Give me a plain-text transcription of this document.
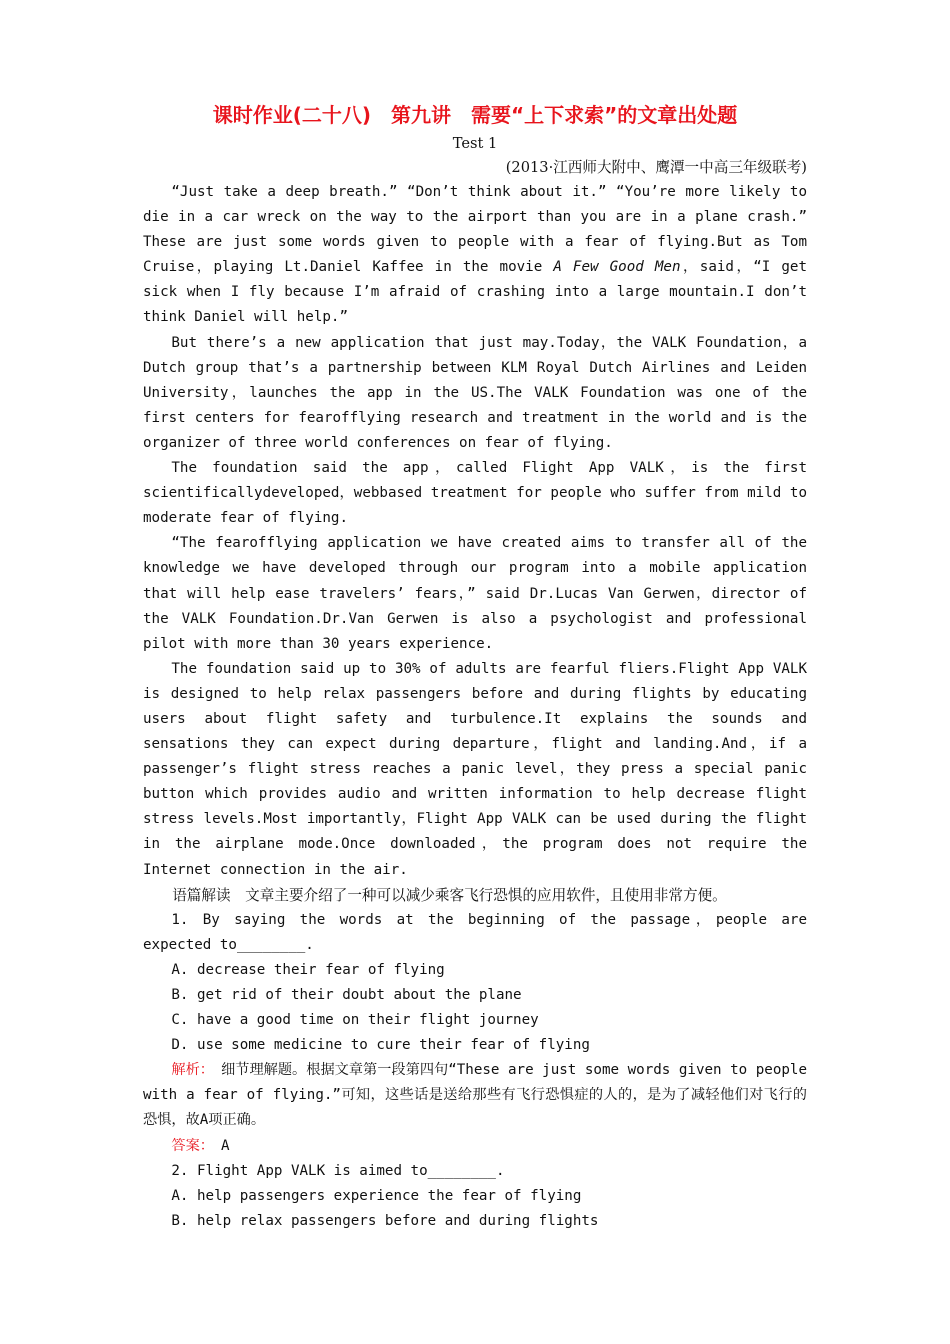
课时作业(二十八)　第九讲　需要“上下求索”的文章出处题
Test 1
(2013·江西师大附中、鹰潭一中高三年级联考)

“Just take a deep breath.” “Don’t think about it.” “You’re more likely to die in a car wreck on the way to the airport than you are in a plane crash.” These are just some words given to people with a fear of flying.But as Tom Cruise，playing Lt.Daniel Kaffee in the movie A Few Good Men，said，“I get sick when I fly because I’m afraid of crashing into a large mountain.I don’t think Daniel will help.”

But there’s a new application that just may.Today，the VALK Foundation，a Dutch group that’s a partnership between KLM Royal Dutch Airlines and Leiden University，launches the app in the US.The VALK Foundation was one of the first centers for fearofflying research and treatment in the world and is the organizer of three world conferences on fear of flying.

The foundation said the app，called Flight App VALK，is the first scientificallydeveloped，webbased treatment for people who suffer from mild to moderate fear of flying.

“The fearofflying application we have created aims to transfer all of the knowledge we have developed through our program into a mobile application that will help ease travelers’ fears，” said Dr.Lucas Van Gerwen，director of the VALK Foundation.Dr.Van Gerwen is also a psychologist and professional pilot with more than 30 years experience.

The foundation said up to 30% of adults are fearful fliers.Flight App VALK is designed to help relax passengers before and during flights by educating users about flight safety and turbulence.It explains the sounds and sensations they can expect during departure，flight and landing.And，if a passenger’s flight stress reaches a panic level，they press a special panic button which provides audio and written information to help decrease flight stress levels.Most importantly，Flight App VALK can be used during the flight in the airplane mode.Once downloaded，the program does not require the Internet connection in the air.

语篇解读　文章主要介绍了一种可以减少乘客飞行恐惧的应用软件，且使用非常方便。

1. By saying the words at the beginning of the passage，people are expected to________.

A. decrease their fear of flying

B. get rid of their doubt about the plane

C. have a good time on their flight journey

D. use some medicine to cure their fear of flying

解析：　细节理解题。根据文章第一段第四句“These are just some words given to people with a fear of flying.”可知，这些话是送给那些有飞行恐惧症的人的，是为了减轻他们对飞行的恐惧，故A项正确。

答案：　A

2. Flight App VALK is aimed to________.

A. help passengers experience the fear of flying

B. help relax passengers before and during flights
